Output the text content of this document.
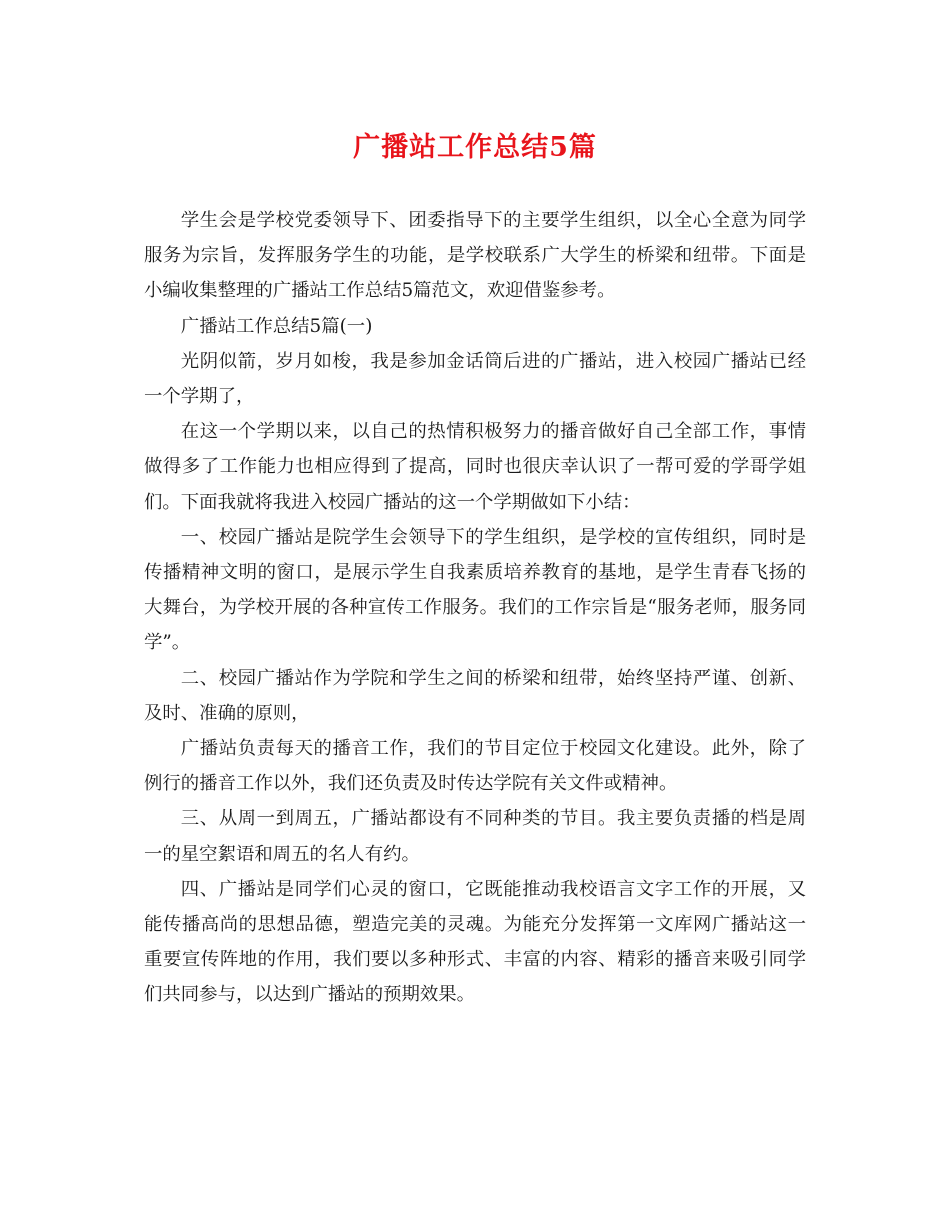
广播站工作总结5篇

学生会是学校党委领导下、团委指导下的主要学生组织，以全心全意为同学服务为宗旨，发挥服务学生的功能，是学校联系广大学生的桥梁和纽带。下面是小编收集整理的广播站工作总结5篇范文，欢迎借鉴参考。

广播站工作总结5篇(一)

光阴似箭，岁月如梭，我是参加金话筒后进的广播站，进入校园广播站已经一个学期了，

在这一个学期以来，以自己的热情积极努力的播音做好自己全部工作，事情做得多了工作能力也相应得到了提高，同时也很庆幸认识了一帮可爱的学哥学姐们。下面我就将我进入校园广播站的这一个学期做如下小结：

一、校园广播站是院学生会领导下的学生组织，是学校的宣传组织，同时是传播精神文明的窗口，是展示学生自我素质培养教育的基地，是学生青春飞扬的大舞台，为学校开展的各种宣传工作服务。我们的工作宗旨是“服务老师，服务同学”。

二、校园广播站作为学院和学生之间的桥梁和纽带，始终坚持严谨、创新、及时、准确的原则，

广播站负责每天的播音工作，我们的节目定位于校园文化建设。此外，除了例行的播音工作以外，我们还负责及时传达学院有关文件或精神。

三、从周一到周五，广播站都设有不同种类的节目。我主要负责播的档是周一的星空絮语和周五的名人有约。

四、广播站是同学们心灵的窗口，它既能推动我校语言文字工作的开展，又能传播高尚的思想品德，塑造完美的灵魂。为能充分发挥第一文库网广播站这一重要宣传阵地的作用，我们要以多种形式、丰富的内容、精彩的播音来吸引同学们共同参与，以达到广播站的预期效果。
